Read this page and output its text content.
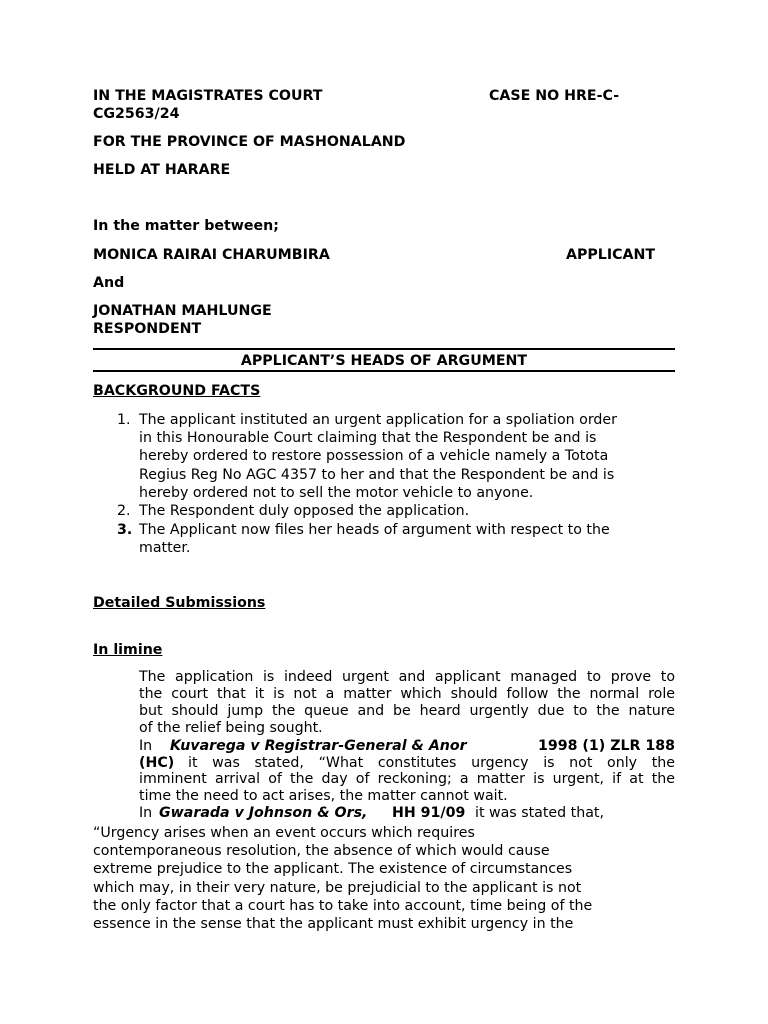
IN THE MAGISTRATES COURT	CASE NO HRE-C-
CG2563/24
FOR THE PROVINCE OF MASHONALAND
HELD AT HARARE
In the matter between;
MONICA RAIRAI CHARUMBIRA	APPLICANT
And
JONATHAN MAHLUNGE
RESPONDENT
APPLICANT’S HEADS OF ARGUMENT
BACKGROUND FACTS
1. The applicant instituted an urgent application for a spoliation order
in this Honourable Court claiming that the Respondent be and is
hereby ordered to restore possession of a vehicle namely a Totota
Regius Reg No AGC 4357 to her and that the Respondent be and is
hereby ordered not to sell the motor vehicle to anyone.
2. The Respondent duly opposed the application.
3. The Applicant now files her heads of argument with respect to the
matter.
Detailed Submissions
In limine
The application is indeed urgent and applicant managed to prove to
the court that it is not a matter which should follow the normal role
but should jump the queue and be heard urgently due to the nature
of the relief being sought.
In Kuvarega v Registrar-General & Anor	1998 (1) ZLR 188
(HC) it was stated, “What constitutes urgency is not only the
imminent arrival of the day of reckoning; a matter is urgent, if at the
time the need to act arises, the matter cannot wait.
In Gwarada v Johnson & Ors, HH 91/09 it was stated that,
“Urgency arises when an event occurs which requires
contemporaneous resolution, the absence of which would cause
extreme prejudice to the applicant. The existence of circumstances
which may, in their very nature, be prejudicial to the applicant is not
the only factor that a court has to take into account, time being of the
essence in the sense that the applicant must exhibit urgency in the
